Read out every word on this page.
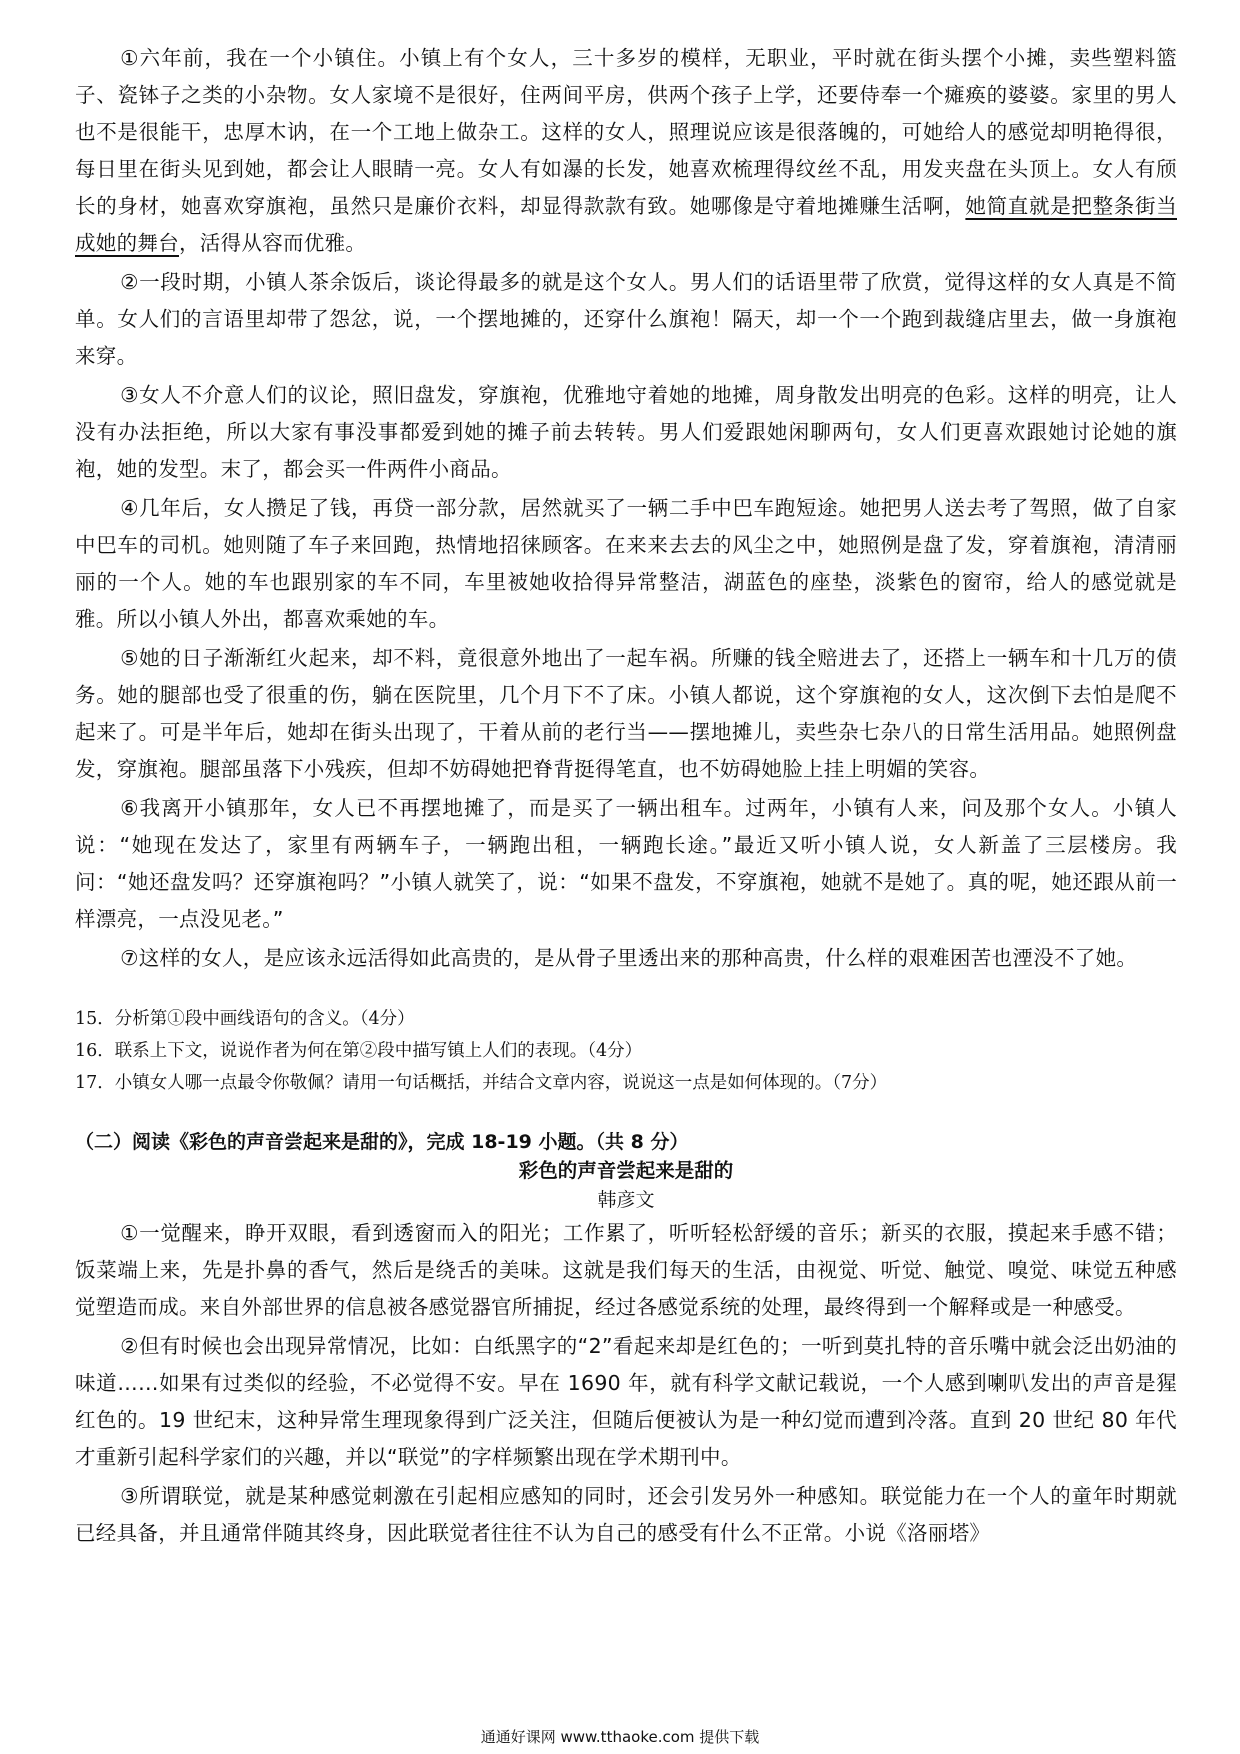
①六年前，我在一个小镇住。小镇上有个女人，三十多岁的模样，无职业，平时就在街头摆个小摊，卖些塑料篮子、瓷钵子之类的小杂物。女人家境不是很好，住两间平房，供两个孩子上学，还要侍奉一个瘫痪的婆婆。家里的男人也不是很能干，忠厚木讷，在一个工地上做杂工。这样的女人，照理说应该是很落魄的，可她给人的感觉却明艳得很，每日里在街头见到她，都会让人眼睛一亮。女人有如瀑的长发，她喜欢梳理得纹丝不乱，用发夹盘在头顶上。女人有颀长的身材，她喜欢穿旗袍，虽然只是廉价衣料，却显得款款有致。她哪像是守着地摊赚生活啊，她简直就是把整条街当成她的舞台，活得从容而优雅。

②一段时期，小镇人茶余饭后，谈论得最多的就是这个女人。男人们的话语里带了欣赏，觉得这样的女人真是不简单。女人们的言语里却带了怨忿，说，一个摆地摊的，还穿什么旗袍！隔天，却一个一个跑到裁缝店里去，做一身旗袍来穿。

③女人不介意人们的议论，照旧盘发，穿旗袍，优雅地守着她的地摊，周身散发出明亮的色彩。这样的明亮，让人没有办法拒绝，所以大家有事没事都爱到她的摊子前去转转。男人们爱跟她闲聊两句，女人们更喜欢跟她讨论她的旗袍，她的发型。末了，都会买一件两件小商品。

④几年后，女人攒足了钱，再贷一部分款，居然就买了一辆二手中巴车跑短途。她把男人送去考了驾照，做了自家中巴车的司机。她则随了车子来回跑，热情地招徕顾客。在来来去去的风尘之中，她照例是盘了发，穿着旗袍，清清丽丽的一个人。她的车也跟别家的车不同，车里被她收拾得异常整洁，湖蓝色的座垫，淡紫色的窗帘，给人的感觉就是雅。所以小镇人外出，都喜欢乘她的车。

⑤她的日子渐渐红火起来，却不料，竟很意外地出了一起车祸。所赚的钱全赔进去了，还搭上一辆车和十几万的债务。她的腿部也受了很重的伤，躺在医院里，几个月下不了床。小镇人都说，这个穿旗袍的女人，这次倒下去怕是爬不起来了。可是半年后，她却在街头出现了，干着从前的老行当——摆地摊儿，卖些杂七杂八的日常生活用品。她照例盘发，穿旗袍。腿部虽落下小残疾，但却不妨碍她把脊背挺得笔直，也不妨碍她脸上挂上明媚的笑容。

⑥我离开小镇那年，女人已不再摆地摊了，而是买了一辆出租车。过两年，小镇有人来，问及那个女人。小镇人说：“她现在发达了，家里有两辆车子，一辆跑出租，一辆跑长途。”最近又听小镇人说，女人新盖了三层楼房。我问：“她还盘发吗？还穿旗袍吗？”小镇人就笑了，说：“如果不盘发，不穿旗袍，她就不是她了。真的呢，她还跟从前一样漂亮，一点没见老。”

⑦这样的女人，是应该永远活得如此高贵的，是从骨子里透出来的那种高贵，什么样的艰难困苦也湮没不了她。

15．分析第①段中画线语句的含义。（4分）
16．联系上下文，说说作者为何在第②段中描写镇上人们的表现。（4分）
17．小镇女人哪一点最令你敬佩？请用一句话概括，并结合文章内容，说说这一点是如何体现的。（7分）
（二）阅读《彩色的声音尝起来是甜的》，完成 18-19 小题。（共 8 分）
彩色的声音尝起来是甜的
韩彦文

①一觉醒来，睁开双眼，看到透窗而入的阳光；工作累了，听听轻松舒缓的音乐；新买的衣服，摸起来手感不错；饭菜端上来，先是扑鼻的香气，然后是绕舌的美味。这就是我们每天的生活，由视觉、听觉、触觉、嗅觉、味觉五种感觉塑造而成。来自外部世界的信息被各感觉器官所捕捉，经过各感觉系统的处理，最终得到一个解释或是一种感受。

②但有时候也会出现异常情况，比如：白纸黑字的“2”看起来却是红色的；一听到莫扎特的音乐嘴中就会泛出奶油的味道……如果有过类似的经验，不必觉得不安。早在 1690 年，就有科学文献记载说，一个人感到喇叭发出的声音是猩红色的。19 世纪末，这种异常生理现象得到广泛关注，但随后便被认为是一种幻觉而遭到冷落。直到 20 世纪 80 年代才重新引起科学家们的兴趣，并以“联觉”的字样频繁出现在学术期刊中。

③所谓联觉，就是某种感觉刺激在引起相应感知的同时，还会引发另外一种感知。联觉能力在一个人的童年时期就已经具备，并且通常伴随其终身，因此联觉者往往不认为自己的感受有什么不正常。小说《洛丽塔》

通通好课网 www.tthaoke.com 提供下载
